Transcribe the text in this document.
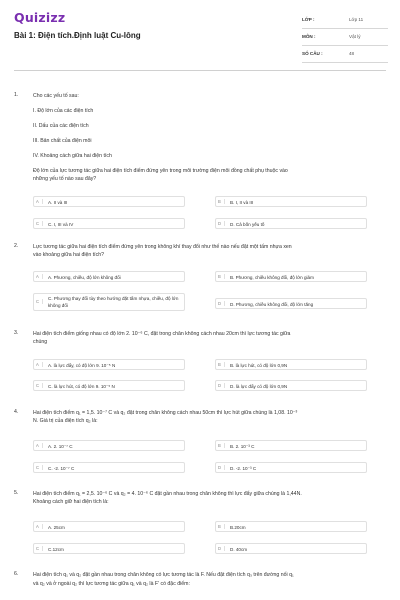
Quizizz
Bài 1: Điện tích.Định luật Cu-lông
LỚP :	Lớp 11
MÔN :	Vật lý
SỐ CÂU :	48
1.	Cho các yếu tố sau:
I. Độ lớn của các điện tích
II. Dấu của các điện tích
III. Bản chất của điện môi
IV. Khoảng cách giữa hai điện tích
Độ lớn của lực tương tác giữa hai điện tích điểm đứng yên trong môi trường điện môi đồng chất phụ thuộc vào
những yếu tố nào sau đây?
A	A. II và III	B	B. I, II và III
C	C. I, III và IV	D	D. Cả bốn yếu tố
2.	Lực tương tác giữa hai điện tích điểm đứng yên trong không khí thay đổi như thế nào nếu đặt một tấm nhựa xen
vào khoảng giữa hai điện tích?
A	A. Phương, chiều, độ lớn không đổi	B	B. Phương, chiều không đổi, độ lớn giảm
C
C. Phương thay đổi tùy theo hướng đặt tấm nhựa, chiều, độ lớn không đổi	D	D. Phương, chiều không đổi, độ lớn tăng
3.	Hai điện tích điểm giống nhau có độ lớn 2. 10⁻⁶ C, đặt trong chân không cách nhau 20cm thì lực tương tác giữa
chúng
A	A. là lực đẩy, có độ lớn 9. 10⁻⁵ N	B	B. là lực hút, có độ lớn 0,9N
C	C. là lực hút, có độ lớn 9. 10⁻⁵ N	D	D. là lực đẩy có độ lớn 0,9N
4.	Hai điện tích điểm q₁ = 1,5. 10⁻⁷ C và q₂ đặt trong chân không cách nhau 50cm thì lực hút giữa chúng là 1,08. 10⁻³
N. Giá trị của điện tích q₂ là:
A	A. 2. 10⁻⁷ C	B	B. 2. 10⁻³ C
C	C. -2. 10⁻⁷ C	D	D. -2. 10⁻³ C
5.	Hai điện tích điểm q₁ = 2,5. 10⁻⁶ C và q₂ = 4. 10⁻⁶ C đặt gần nhau trong chân không thì lực đẩy giữa chúng là 1,44N.
Khoảng cách giữ hai điện tích là:
A	A. 25cm	B	B.20cm
C	C.12cm	D	D. 40cm
6.	Hai điện tích q₁ và q₂ đặt gần nhau trong chân không có lực tương tác là F. Nếu đặt điện tích q₃ trên đường nối q₁
và q₂ và ở ngoài q₂ thì lực tương tác giữa q₁ và q₂ là F' có đặc điểm:
